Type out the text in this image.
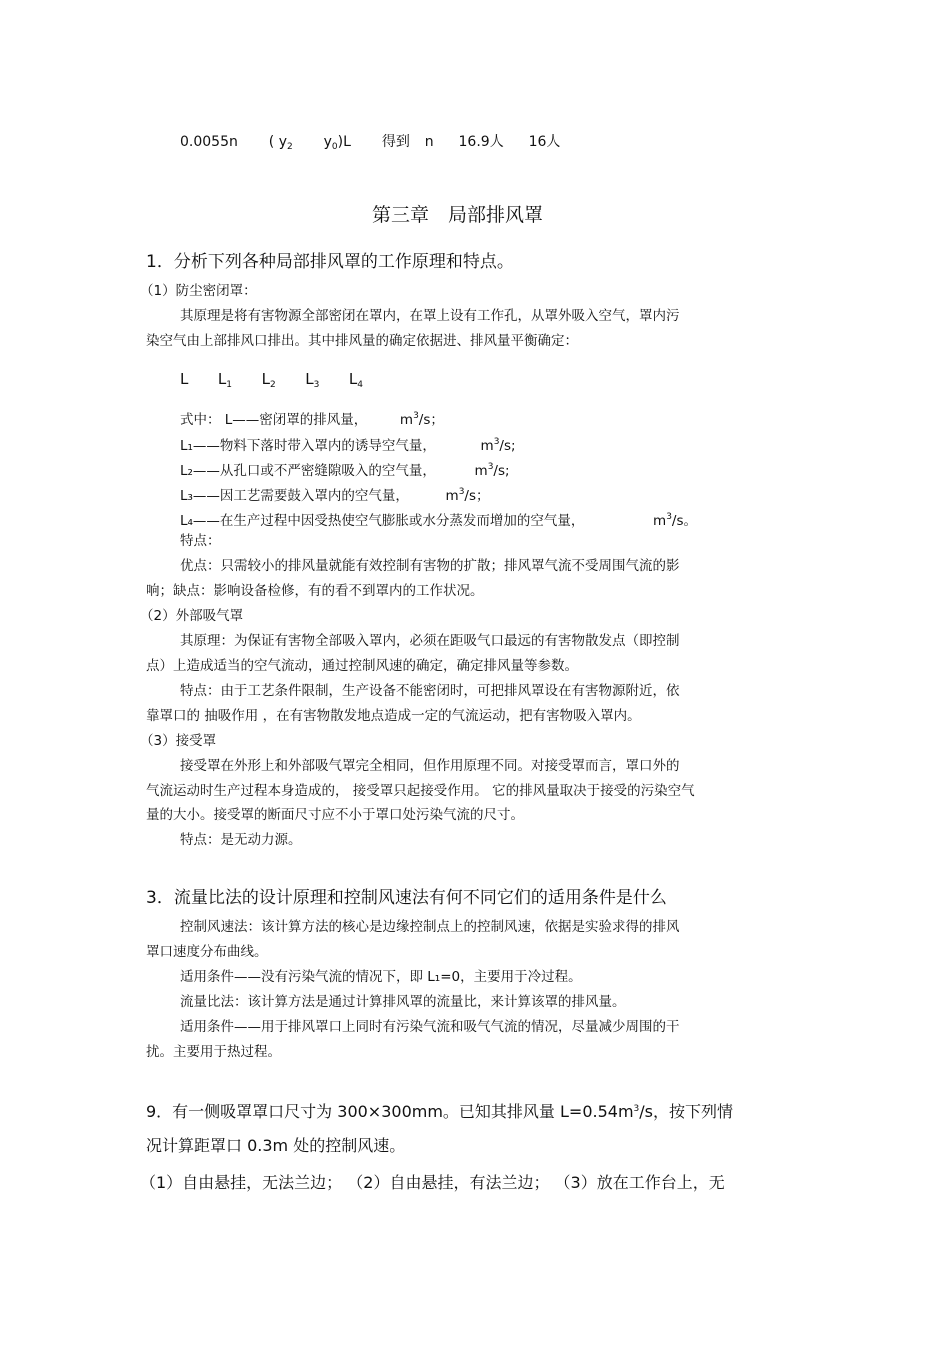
0.0055n ( $y_2$ $y_0)L$ 得到 n 16.9人 16人
第三章　局部排风罩
1．分析下列各种局部排风罩的工作原理和特点。
（1）防尘密闭罩：
其原理是将有害物源全部密闭在罩内，在罩上设有工作孔，从罩外吸入空气，罩内污
染空气由上部排风口排出。其中排风量的确定依据进、排风量平衡确定：
L $L_1$ $L_2$ $L_3$ $L_4$
式中： L——密闭罩的排风量， $m^3/s$；
L₁——物料下落时带入罩内的诱导空气量，	$m^3/s$;
L₂——从孔口或不严密缝隙吸入的空气量，	$m^3/s$;
L₃——因工艺需要鼓入罩内的空气量，	$m^3/s$；
L₄——在生产过程中因受热使空气膨胀或水分蒸发而增加的空气量，	$m^3/s$。
特点：
优点：只需较小的排风量就能有效控制有害物的扩散；排风罩气流不受周围气流的影
响；缺点：影响设备检修，有的看不到罩内的工作状况。
（2）外部吸气罩
其原理：为保证有害物全部吸入罩内，必须在距吸气口最远的有害物散发点（即控制
点）上造成适当的空气流动，通过控制风速的确定，确定排风量等参数。
特点：由于工艺条件限制，生产设备不能密闭时，可把排风罩设在有害物源附近，依
靠罩口的 抽吸作用 ，在有害物散发地点造成一定的气流运动，把有害物吸入罩内。
（3）接受罩
接受罩在外形上和外部吸气罩完全相同，但作用原理不同。对接受罩而言，罩口外的
气流运动时生产过程本身造成的， 接受罩只起接受作用。 它的排风量取决于接受的污染空气
量的大小。接受罩的断面尺寸应不小于罩口处污染气流的尺寸。
特点：是无动力源。
3．流量比法的设计原理和控制风速法有何不同它们的适用条件是什么
控制风速法：该计算方法的核心是边缘控制点上的控制风速，依据是实验求得的排风
罩口速度分布曲线。
适用条件——没有污染气流的情况下，即 L₁=0，主要用于冷过程。
流量比法：该计算方法是通过计算排风罩的流量比，来计算该罩的排风量。
适用条件——用于排风罩口上同时有污染气流和吸气气流的情况，尽量减少周围的干
扰。主要用于热过程。
9．有一侧吸罩罩口尺寸为 300×300mm。已知其排风量 $L=0.54m^3/s$，按下列情
况计算距罩口 0.3m 处的控制风速。
（1）自由悬挂，无法兰边； （2）自由悬挂，有法兰边； （3）放在工作台上，无
